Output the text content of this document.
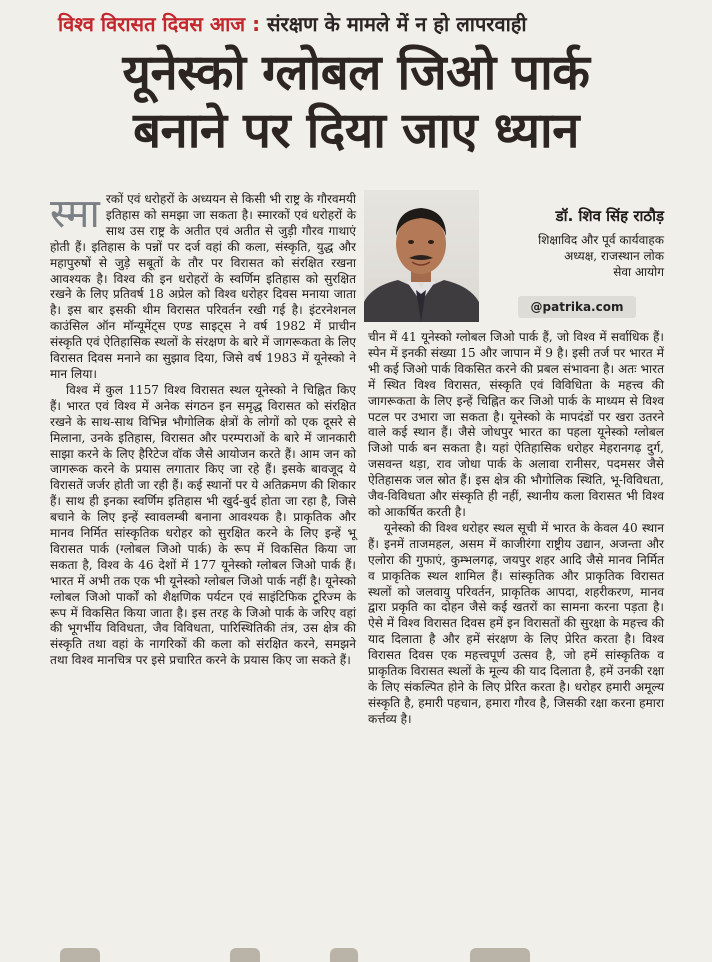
विश्व विरासत दिवस आज : संरक्षण के मामले में न हो लापरवाही
यूनेस्को ग्लोबल जिओ पार्क
बनाने पर दिया जाए ध्यान
डॉ. शिव सिंह राठौड़
शिक्षाविद और पूर्व कार्यवाहक
अध्यक्ष, राजस्थान लोक
सेवा आयोग
@patrika.com

स्मा रकों एवं धरोहरों के अध्ययन से किसी भी राष्ट्र के गौरवमयी इतिहास को समझा जा सकता है। स्मारकों एवं धरोहरों के साथ उस राष्ट्र के अतीत एवं अतीत से जुड़ी गौरव गाथाएं होती हैं। इतिहास के पन्नों पर दर्ज वहां की कला, संस्कृति, युद्ध और महापुरुषों से जुड़े सबूतों के तौर पर विरासत को संरक्षित रखना आवश्यक है। विश्व की इन धरोहरों के स्वर्णिम इतिहास को सुरक्षित रखने के लिए प्रतिवर्ष 18 अप्रेल को विश्व धरोहर दिवस मनाया जाता है। इस बार इसकी थीम विरासत परिवर्तन रखी गई है। इंटरनेशनल काउंसिल ऑन मॉन्यूमेंट्स एण्ड साइट्स ने वर्ष 1982 में प्राचीन संस्कृति एवं ऐतिहासिक स्थलों के संरक्षण के बारे में जागरूकता के लिए विरासत दिवस मनाने का सुझाव दिया, जिसे वर्ष 1983 में यूनेस्को ने मान लिया।

विश्व में कुल 1157 विश्व विरासत स्थल यूनेस्को ने चिह्नित किए हैं। भारत एवं विश्व में अनेक संगठन इन समृद्ध विरासत को संरक्षित रखने के साथ-साथ विभिन्न भौगोलिक क्षेत्रों के लोगों को एक दूसरे से मिलाना, उनके इतिहास, विरासत और परम्पराओं के बारे में जानकारी साझा करने के लिए हैरिटेज वॉक जैसे आयोजन करते हैं। आम जन को जागरूक करने के प्रयास लगातार किए जा रहे हैं। इसके बावजूद ये विरासतें जर्जर होती जा रही हैं। कई स्थानों पर ये अतिक्रमण की शिकार हैं। साथ ही इनका स्वर्णिम इतिहास भी खुर्द-बुर्द होता जा रहा है, जिसे बचाने के लिए इन्हें स्वावलम्बी बनाना आवश्यक है। प्राकृतिक और मानव निर्मित सांस्कृतिक धरोहर को सुरक्षित करने के लिए इन्हें भू विरासत पार्क (ग्लोबल जिओ पार्क) के रूप में विकसित किया जा सकता है, विश्व के 46 देशों में 177 यूनेस्को ग्लोबल जिओ पार्क हैं। भारत में अभी तक एक भी यूनेस्को ग्लोबल जिओ पार्क नहीं है। यूनेस्को ग्लोबल जिओ पार्कों को शैक्षणिक पर्यटन एवं साइंटिफिक टूरिज्म के रूप में विकसित किया जाता है। इस तरह के जिओ पार्क के जरिए वहां की भूगर्भीय विविधता, जैव विविधता, पारिस्थितिकी तंत्र, उस क्षेत्र की संस्कृति तथा वहां के नागरिकों की कला को संरक्षित करने, समझने तथा विश्व मानचित्र पर इसे प्रचारित करने के प्रयास किए जा सकते हैं।

चीन में 41 यूनेस्को ग्लोबल जिओ पार्क हैं, जो विश्व में सर्वाधिक हैं। स्पेन में इनकी संख्या 15 और जापान में 9 है। इसी तर्ज पर भारत में भी कई जिओ पार्क विकसित करने की प्रबल संभावना है। अतः भारत में स्थित विश्व विरासत, संस्कृति एवं विविधिता के महत्त्व की जागरूकता के लिए इन्हें चिह्नित कर जिओ पार्क के माध्यम से विश्व पटल पर उभारा जा सकता है। यूनेस्को के मापदंडों पर खरा उतरने वाले कई स्थान हैं। जैसे जोधपुर भारत का पहला यूनेस्को ग्लोबल जिओ पार्क बन सकता है। यहां ऐतिहासिक धरोहर मेहरानगढ़ दुर्ग, जसवन्त थड़ा, राव जोधा पार्क के अलावा रानीसर, पदमसर जैसे ऐतिहासक जल स्रोत हैं। इस क्षेत्र की भौगोलिक स्थिति, भू-विविधता, जैव-विविधता और संस्कृति ही नहीं, स्थानीय कला विरासत भी विश्व को आकर्षित करती है।

यूनेस्को की विश्व धरोहर स्थल सूची में भारत के केवल 40 स्थान हैं। इनमें ताजमहल, असम में काजीरंगा राष्ट्रीय उद्यान, अजन्ता और एलोरा की गुफाएं, कुम्भलगढ़, जयपुर शहर आदि जैसे मानव निर्मित व प्राकृतिक स्थल शामिल हैं। सांस्कृतिक और प्राकृतिक विरासत स्थलों को जलवायु परिवर्तन, प्राकृतिक आपदा, शहरीकरण, मानव द्वारा प्रकृति का दोहन जैसे कई खतरों का सामना करना पड़ता है। ऐसे में विश्व विरासत दिवस हमें इन विरासतों की सुरक्षा के महत्त्व की याद दिलाता है और हमें संरक्षण के लिए प्रेरित करता है। विश्व विरासत दिवस एक महत्त्वपूर्ण उत्सव है, जो हमें सांस्कृतिक व प्राकृतिक विरासत स्थलों के मूल्य की याद दिलाता है, हमें उनकी रक्षा के लिए संकल्पित होने के लिए प्रेरित करता है। धरोहर हमारी अमूल्य संस्कृति है, हमारी पहचान, हमारा गौरव है, जिसकी रक्षा करना हमारा कर्त्तव्य है।
